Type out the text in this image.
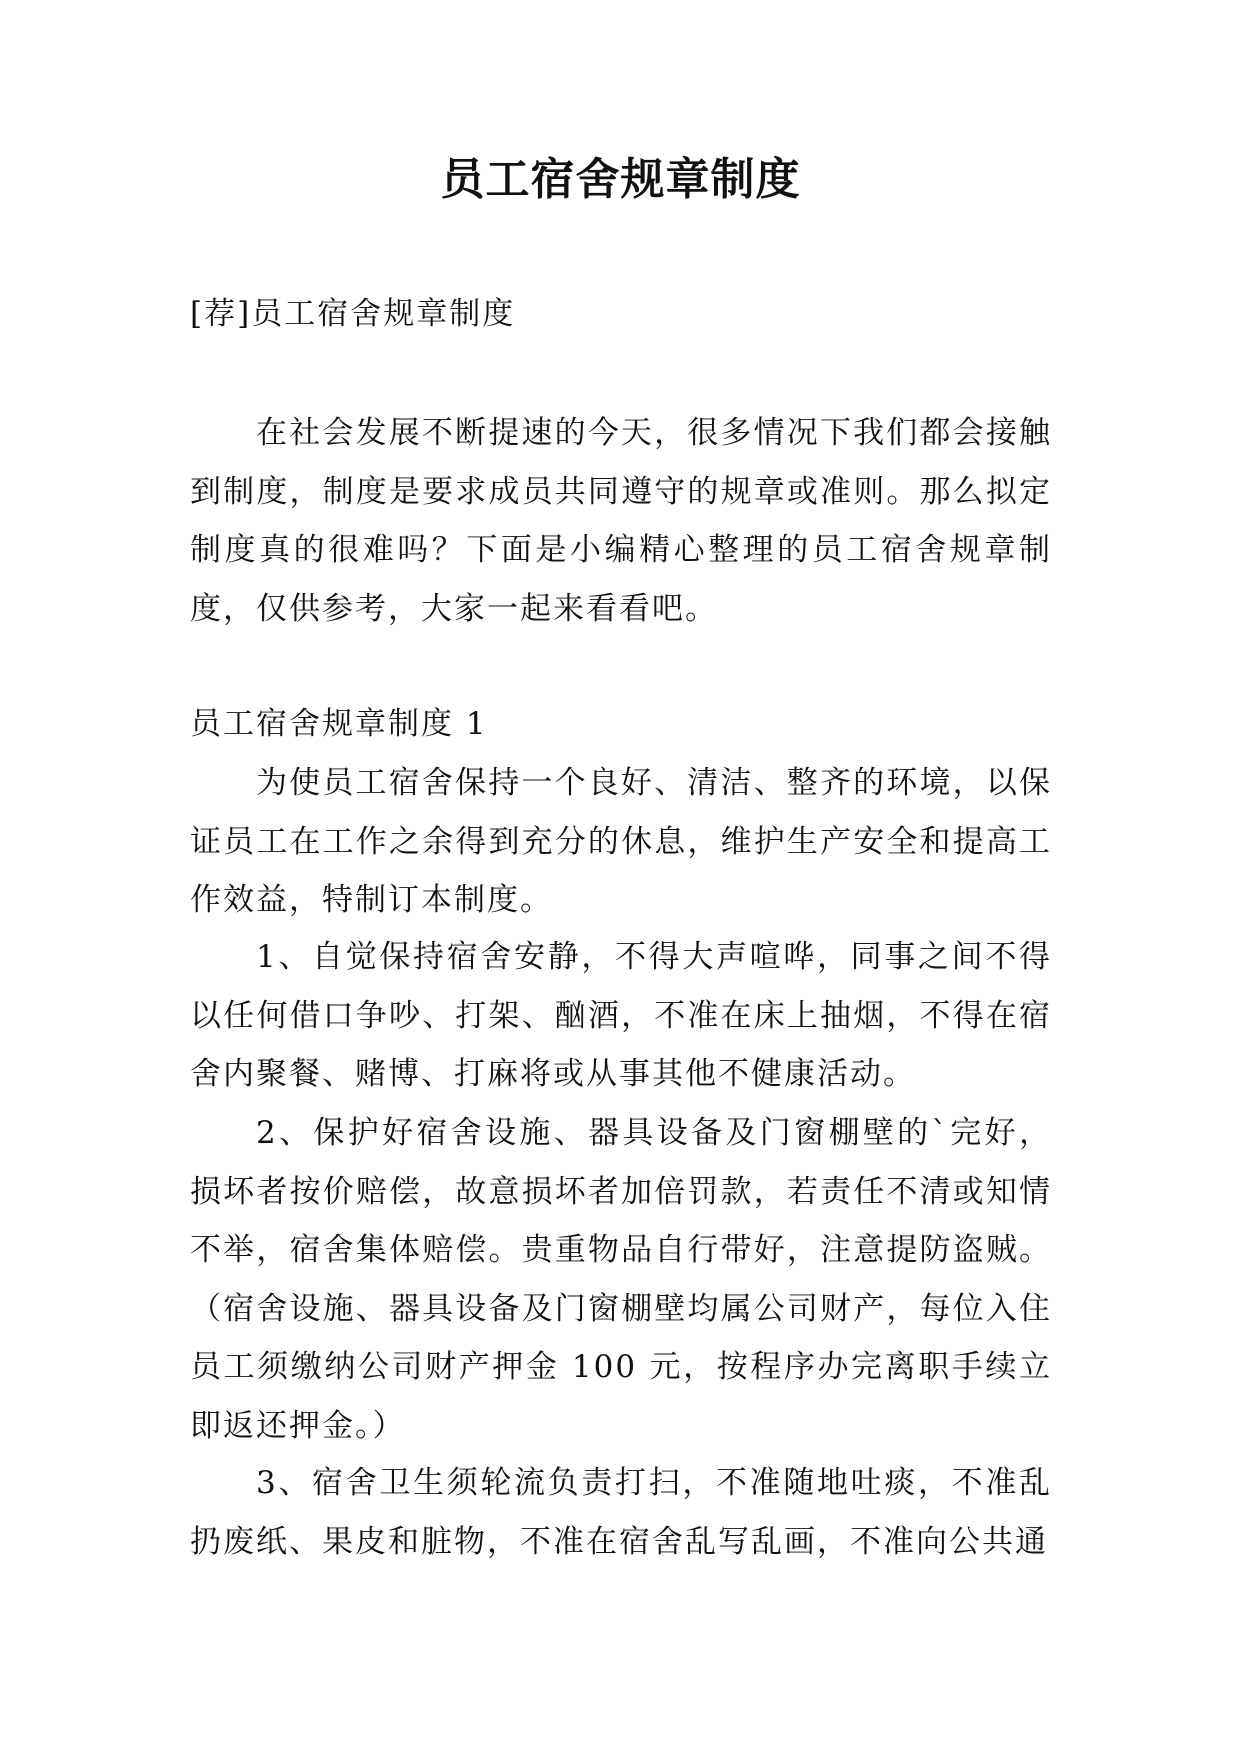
员工宿舍规章制度

[荐]员工宿舍规章制度

在社会发展不断提速的今天，很多情况下我们都会接触到制度，制度是要求成员共同遵守的规章或准则。那么拟定制度真的很难吗？下面是小编精心整理的员工宿舍规章制度，仅供参考，大家一起来看看吧。

员工宿舍规章制度 1

为使员工宿舍保持一个良好、清洁、整齐的环境，以保证员工在工作之余得到充分的休息，维护生产安全和提高工作效益，特制订本制度。

1、自觉保持宿舍安静，不得大声喧哗，同事之间不得以任何借口争吵、打架、酗酒，不准在床上抽烟，不得在宿舍内聚餐、赌博、打麻将或从事其他不健康活动。

2、保护好宿舍设施、器具设备及门窗棚壁的`完好，损坏者按价赔偿，故意损坏者加倍罚款，若责任不清或知情不举，宿舍集体赔偿。贵重物品自行带好，注意提防盗贼。（宿舍设施、器具设备及门窗棚壁均属公司财产，每位入住员工须缴纳公司财产押金 100 元，按程序办完离职手续立即返还押金。）

3、宿舍卫生须轮流负责打扫，不准随地吐痰，不准乱扔废纸、果皮和脏物，不准在宿舍乱写乱画，不准向公共通
